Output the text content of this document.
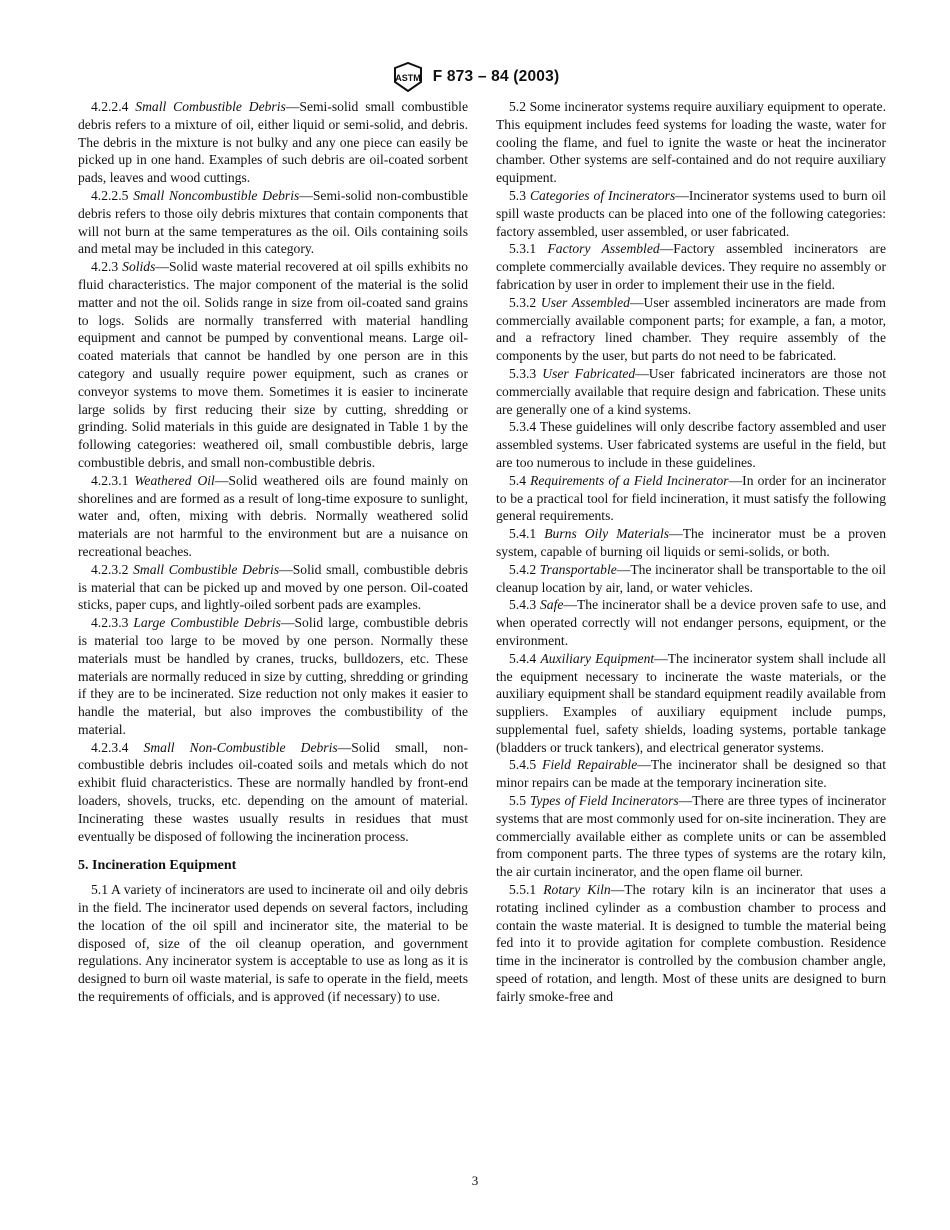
ASTM F 873 – 84 (2003)

4.2.2.4 Small Combustible Debris—Semi-solid small combustible debris refers to a mixture of oil, either liquid or semi-solid, and debris. The debris in the mixture is not bulky and any one piece can easily be picked up in one hand. Examples of such debris are oil-coated sorbent pads, leaves and wood cuttings.

4.2.2.5 Small Noncombustible Debris—Semi-solid non-combustible debris refers to those oily debris mixtures that contain components that will not burn at the same temperatures as the oil. Oils containing soils and metal may be included in this category.

4.2.3 Solids—Solid waste material recovered at oil spills exhibits no fluid characteristics. The major component of the material is the solid matter and not the oil. Solids range in size from oil-coated sand grains to logs. Solids are normally transferred with material handling equipment and cannot be pumped by conventional means. Large oil-coated materials that cannot be handled by one person are in this category and usually require power equipment, such as cranes or conveyor systems to move them. Sometimes it is easier to incinerate large solids by first reducing their size by cutting, shredding or grinding. Solid materials in this guide are designated in Table 1 by the following categories: weathered oil, small combustible debris, large combustible debris, and small non-combustible debris.

4.2.3.1 Weathered Oil—Solid weathered oils are found mainly on shorelines and are formed as a result of long-time exposure to sunlight, water and, often, mixing with debris. Normally weathered solid materials are not harmful to the environment but are a nuisance on recreational beaches.

4.2.3.2 Small Combustible Debris—Solid small, combustible debris is material that can be picked up and moved by one person. Oil-coated sticks, paper cups, and lightly-oiled sorbent pads are examples.

4.2.3.3 Large Combustible Debris—Solid large, combustible debris is material too large to be moved by one person. Normally these materials must be handled by cranes, trucks, bulldozers, etc. These materials are normally reduced in size by cutting, shredding or grinding if they are to be incinerated. Size reduction not only makes it easier to handle the material, but also improves the combustibility of the material.

4.2.3.4 Small Non-Combustible Debris—Solid small, non-combustible debris includes oil-coated soils and metals which do not exhibit fluid characteristics. These are normally handled by front-end loaders, shovels, trucks, etc. depending on the amount of material. Incinerating these wastes usually results in residues that must eventually be disposed of following the incineration process.

5. Incineration Equipment

5.1 A variety of incinerators are used to incinerate oil and oily debris in the field. The incinerator used depends on several factors, including the location of the oil spill and incinerator site, the material to be disposed of, size of the oil cleanup operation, and government regulations. Any incinerator system is acceptable to use as long as it is designed to burn oil waste material, is safe to operate in the field, meets the requirements of officials, and is approved (if necessary) to use.

5.2 Some incinerator systems require auxiliary equipment to operate. This equipment includes feed systems for loading the waste, water for cooling the flame, and fuel to ignite the waste or heat the incinerator chamber. Other systems are self-contained and do not require auxiliary equipment.

5.3 Categories of Incinerators—Incinerator systems used to burn oil spill waste products can be placed into one of the following categories: factory assembled, user assembled, or user fabricated.

5.3.1 Factory Assembled—Factory assembled incinerators are complete commercially available devices. They require no assembly or fabrication by user in order to implement their use in the field.

5.3.2 User Assembled—User assembled incinerators are made from commercially available component parts; for example, a fan, a motor, and a refractory lined chamber. They require assembly of the components by the user, but parts do not need to be fabricated.

5.3.3 User Fabricated—User fabricated incinerators are those not commercially available that require design and fabrication. These units are generally one of a kind systems.

5.3.4 These guidelines will only describe factory assembled and user assembled systems. User fabricated systems are useful in the field, but are too numerous to include in these guidelines.

5.4 Requirements of a Field Incinerator—In order for an incinerator to be a practical tool for field incineration, it must satisfy the following general requirements.

5.4.1 Burns Oily Materials—The incinerator must be a proven system, capable of burning oil liquids or semi-solids, or both.

5.4.2 Transportable—The incinerator shall be transportable to the oil cleanup location by air, land, or water vehicles.

5.4.3 Safe—The incinerator shall be a device proven safe to use, and when operated correctly will not endanger persons, equipment, or the environment.

5.4.4 Auxiliary Equipment—The incinerator system shall include all the equipment necessary to incinerate the waste materials, or the auxiliary equipment shall be standard equipment readily available from suppliers. Examples of auxiliary equipment include pumps, supplemental fuel, safety shields, loading systems, portable tankage (bladders or truck tankers), and electrical generator systems.

5.4.5 Field Repairable—The incinerator shall be designed so that minor repairs can be made at the temporary incineration site.

5.5 Types of Field Incinerators—There are three types of incinerator systems that are most commonly used for on-site incineration. They are commercially available either as complete units or can be assembled from component parts. The three types of systems are the rotary kiln, the air curtain incinerator, and the open flame oil burner.

5.5.1 Rotary Kiln—The rotary kiln is an incinerator that uses a rotating inclined cylinder as a combustion chamber to process and contain the waste material. It is designed to tumble the material being fed into it to provide agitation for complete combustion. Residence time in the incinerator is controlled by the combusion chamber angle, speed of rotation, and length. Most of these units are designed to burn fairly smoke-free and

3
